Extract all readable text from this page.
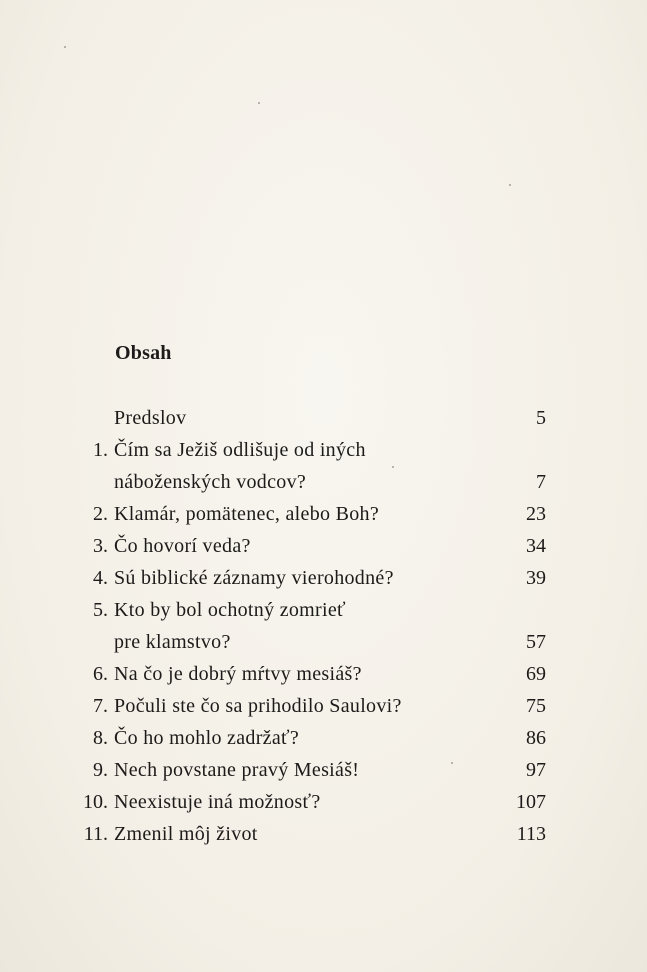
Obsah
Predslov	5
1. Čím sa Ježiš odlišuje od iných
náboženských vodcov?	7
2. Klamár, pomätenec, alebo Boh?	23
3. Čo hovorí veda?	34
4. Sú biblické záznamy vierohodné?	39
5. Kto by bol ochotný zomrieť
pre klamstvo?	57
6. Na čo je dobrý mŕtvy mesiáš?	69
7. Počuli ste čo sa prihodilo Saulovi?	75
8. Čo ho mohlo zadržať?	86
9. Nech povstane pravý Mesiáš!	97
10. Neexistuje iná možnosť?	107
11. Zmenil môj život	113
